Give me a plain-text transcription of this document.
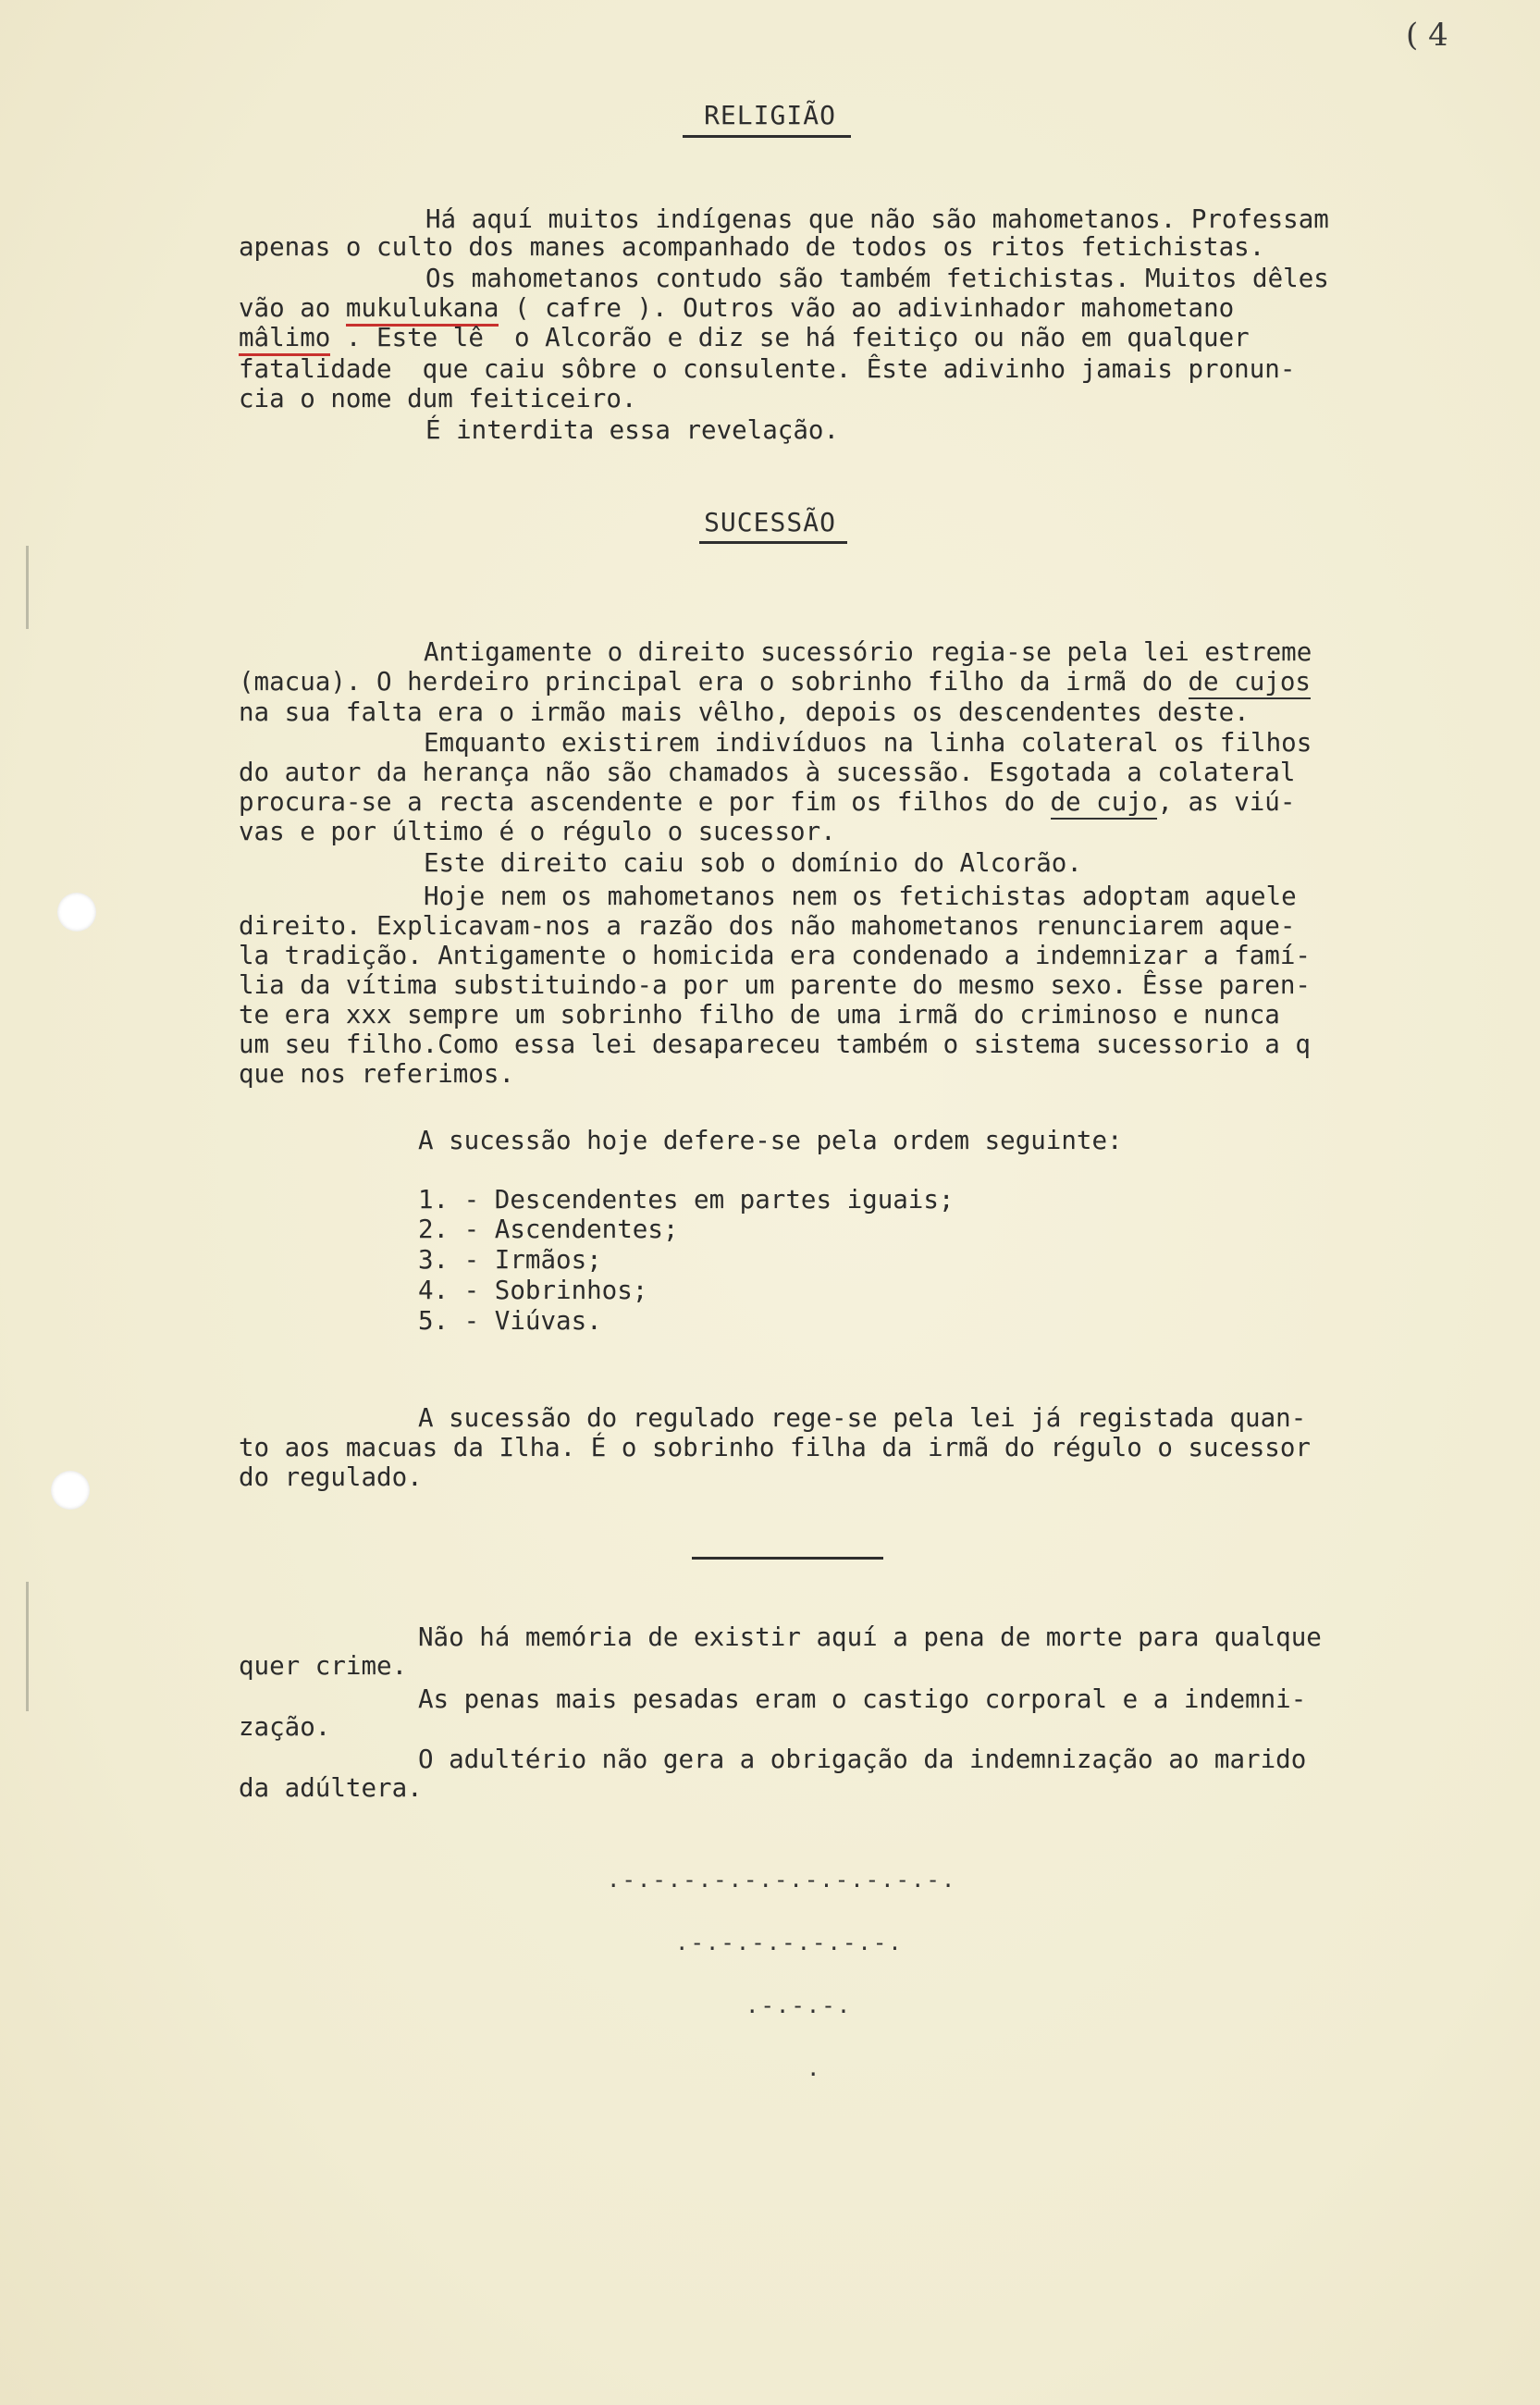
( 4
RELIGIÃO
Há aquí muitos indígenas que não são mahometanos. Professam
apenas o culto dos manes acompanhado de todos os ritos fetichistas.
Os mahometanos contudo são também fetichistas. Muitos dêles
vão ao mukulukana ( cafre ). Outros vão ao adivinhador mahometano
mâlimo . Este lê  o Alcorão e diz se há feitiço ou não em qualquer
fatalidade  que caiu sôbre o consulente. Êste adivinho jamais pronun-
cia o nome dum feiticeiro.
É interdita essa revelação.
SUCESSÃO
Antigamente o direito sucessório regia-se pela lei estreme
(macua). O herdeiro principal era o sobrinho filho da irmã do de cujos
na sua falta era o irmão mais vêlho, depois os descendentes deste.
Emquanto existirem indivíduos na linha colateral os filhos
do autor da herança não são chamados à sucessão. Esgotada a colateral
procura-se a recta ascendente e por fim os filhos do de cujo, as viú-
vas e por último é o régulo o sucessor.
Este direito caiu sob o domínio do Alcorão.
Hoje nem os mahometanos nem os fetichistas adoptam aquele
direito. Explicavam-nos a razão dos não mahometanos renunciarem aque-
la tradição. Antigamente o homicida era condenado a indemnizar a famí-
lia da vítima substituindo-a por um parente do mesmo sexo. Êsse paren-
te era xxx sempre um sobrinho filho de uma irmã do criminoso e nunca
um seu filho.Como essa lei desapareceu também o sistema sucessorio a q
que nos referimos.
A sucessão hoje defere-se pela ordem seguinte:
1. - Descendentes em partes iguais;
2. - Ascendentes;
3. - Irmãos;
4. - Sobrinhos;
5. - Viúvas.
A sucessão do regulado rege-se pela lei já registada quan-
to aos macuas da Ilha. É o sobrinho filha da irmã do régulo o sucessor
do regulado.
Não há memória de existir aquí a pena de morte para qualque
quer crime.
As penas mais pesadas eram o castigo corporal e a indemni-
zação.
O adultério não gera a obrigação da indemnização ao marido
da adúltera.
.-.-.-.-.-.-.-.-.-.-.-.
.-.-.-.-.-.-.-.
.-.-.-.
.
